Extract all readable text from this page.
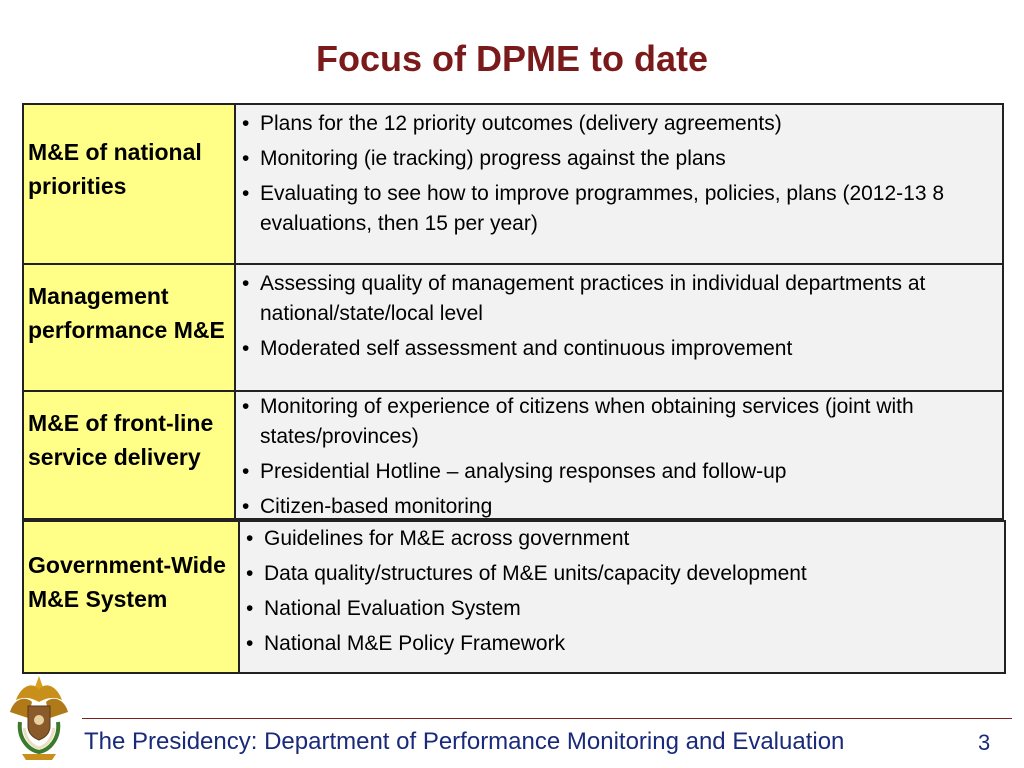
Focus of DPME to date
M&E of national priorities
• Plans for the 12 priority outcomes (delivery agreements)
• Monitoring (ie tracking) progress against the plans
• Evaluating to see how to improve programmes, policies, plans (2012-13 8 evaluations, then 15 per year)
Management performance M&E
• Assessing quality of management practices in individual departments at national/state/local level
• Moderated self assessment and continuous improvement
M&E of front-line service delivery
• Monitoring of experience of citizens when obtaining services (joint with states/provinces)
• Presidential Hotline – analysing responses and follow-up
• Citizen-based monitoring
Government-Wide M&E System
• Guidelines for M&E across government
• Data quality/structures of M&E units/capacity development
• National Evaluation System
• National M&E Policy Framework
The Presidency: Department of Performance Monitoring and Evaluation	3
